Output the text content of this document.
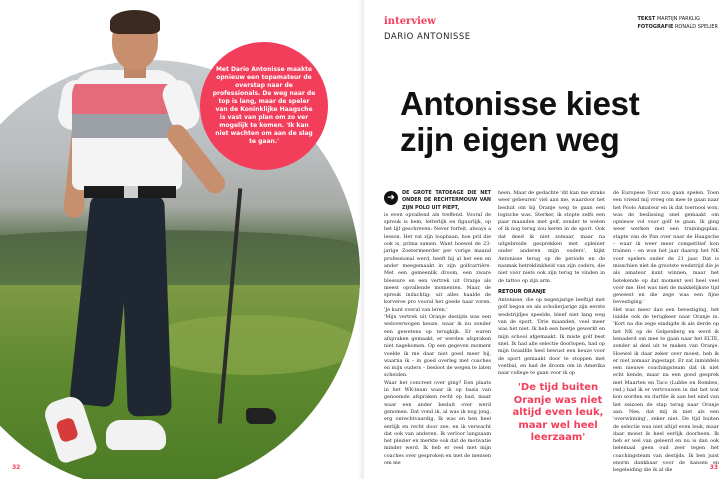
Met Dario Antonisse maakte opnieuw een topamateur de overstap naar de professionals. De weg naar de top is lang, maar de speler van de Koninklijke Haagsche is vast van plan om zo ver mogelijk te komen. 'Ik kan niet wachten om aan de slag te gaan.'

32
interview
DARIO ANTONISSE
TEKST MARTIJN PARKLIG
FOTOGRAFIE RONALD SPELIER
Antonisse kiest
zijn eigen weg
➜	DE GROTE TATOEAGE DIE NET ONDER DE RECHTERMOUW VAN ZIJN POLO UIT PIEPT,

is even opvallend als treffend. Vooral de spreuk is hem, letterlijk en figuurlijk, op het lijf geschreven: Never forfeit, always a lesson. Het vat zijn loopbaan, hoe pril die ook is, prima samen. Want hoewel de 23-jarige Zoetermeerder per vorige maand professional werd, heeft hij al het een en ander meegemaakt in zijn golfcarrière. Met een gemeenlik droom, een zware blessure en een vertrek uit Oranje als meest opvallende momenten. Maar, de spreuk indachtig: uit alles haalde de korverse pro vooral het goede naar voren. 'Je kunt overal van leren.'

'Mijn vertrek uit Oranje destijds was een weloverwogen keuze, waar ik nu zonder een gewetens op terugkijk. Er waren afspraken gemaakt, er werden afspraken niet nagekomen. Op een gegeven moment voelde ik me daar niet goed meer bij, waarna ik – in goed overleg met coaches en mijn ouders – besloot de wegen te laten scheiden.

Waar het concreet over ging? Een plaats in het WK-team waar ik op basis van genoemde afspraken recht op had, maar waar een ander besluit over werd genomen. Dat vond ik, al was ik nog jong, erg onrechtvaardig. Ik was en ben heel eerlijk en recht door zee, en ik verwacht dat ook van anderen. Ik verloor langzaam het plezier en merkte ook dat de motivatie minder werd. Ik heb er veel met mijn coaches over gesproken en met de mensen om me

heen. Maar de gedachte 'dit kan me straks weer gebeuren' viel aan me, waardoor het besluit om bij Oranje weg te gaan een logische was. Sterker, ik stopte zelfs een paar maanden met golf, zonder te weten of ik nog terug zou keren in de sport. Ook dat deed ik niet zomaar, maar na uitgebreide gesprekken met opleiner onder anderen mijn ouders', kijkt Antonisse terug op de periode en de nasmak betreklinkheid van zijn coders, die niet voor niets ook zijn terug te vinden in de tattoo op zijn arm.

RETOUR ORANJE

Antonisse, die op negenjarige leeftijd met golf begon en als scholierjarige zijn eerste wedstrijdjes speelde, bleef niet lang weg van de sport. 'Drie maanden, veel meer was het niet. Ik heb een beetje gewerkt en mijn school afgemaakt. Ik miste golf best snel. Ik had alle selectie doorlopen, had op mijn twaalfde heel bewust een keuze voor de sport gemaakt door te stoppen met voetbal, en had de droom om in Amerika naar college te gaan voor ik op

'De tijd buiten Oranje was niet altijd even leuk, maar wel heel leerzaam'

de Europese Tour zou gaan spelen. Toen een vriend mij vroeg om mee te gaan naar het Poolo Amateur en ik dat toernooi won, was de beslissing snel gemaakt om opnieuw vol voor golf te gaan. Ik ging weer werken met een trainingsplan, stapte van de Pan over naar de Haagsche – waar ik weer meer competitief kon trainen – en won het jaar daarop het NK voor spelers onder de 21 jaar. Dat is misschien niet de grootste wedstrijd die je als amateur kunt winnen, maar het betekende op dat moment wel heel veel voor me. Het was niet de makkelijkste tijd geweest en die zege was een fijne bevestiging.'

Het was meer dan een bevestiging, het luidde ook de terugkeer naar Oranje in. 'Kort na die zege eindigde ik als derde op het NK op de Golpenberg en werd ik benaderd om mee te gaan naar het ELTE, zonder al deel uit te maken van Oranje. Hoewel ik daar zeker over moest, heb ik er niet zomaar ingestapt. Er zat inmiddels een nieuwe coachingsteam dat ik niet echt kende, maar na een goed gesprek met Maarten en Taco (Lubbe en Rombes, red.) had ik er vertrouwen in dat het wat kon worden en durfde ik aan het eind van het seizoen de stap terug naar Oranje aan. Nee, dat mij ik niet als een 'overwinning', zeker niet. De tijd buiten de selectie was niet altijd even leuk, maar daar moest ik heel eerlijk doorheen. Ik heb er wel van geleerd en nu is dan ook helemaal geen oud zeer tegen het coachingsteam van destijds. Ik ben juist enorm dankbaar voor de kansen en begeleiding die ik al die	33
